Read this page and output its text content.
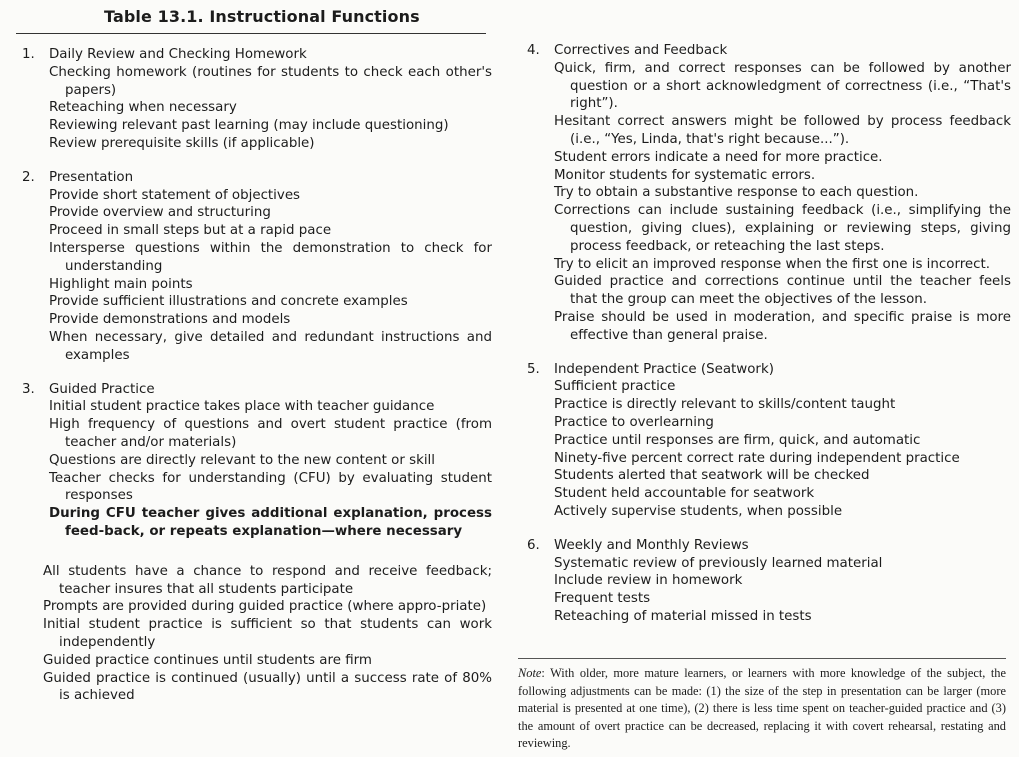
Table 13.1. Instructional Functions
1. Daily Review and Checking Homework
Checking homework (routines for students to check each other's papers)
Reteaching when necessary
Reviewing relevant past learning (may include questioning)
Review prerequisite skills (if applicable)
2. Presentation
Provide short statement of objectives
Provide overview and structuring
Proceed in small steps but at a rapid pace
Intersperse questions within the demonstration to check for understanding
Highlight main points
Provide sufficient illustrations and concrete examples
Provide demonstrations and models
When necessary, give detailed and redundant instructions and examples
3. Guided Practice
Initial student practice takes place with teacher guidance
High frequency of questions and overt student practice (from teacher and/or materials)
Questions are directly relevant to the new content or skill
Teacher checks for understanding (CFU) by evaluating student responses
During CFU teacher gives additional explanation, process feed-back, or repeats explanation—where necessary
All students have a chance to respond and receive feedback; teacher insures that all students participate
Prompts are provided during guided practice (where appro-priate)
Initial student practice is sufficient so that students can work independently
Guided practice continues until students are firm
Guided practice is continued (usually) until a success rate of 80% is achieved
4. Correctives and Feedback
Quick, firm, and correct responses can be followed by another question or a short acknowledgment of correctness (i.e., “That's right”).
Hesitant correct answers might be followed by process feedback (i.e., “Yes, Linda, that's right because...”).
Student errors indicate a need for more practice.
Monitor students for systematic errors.
Try to obtain a substantive response to each question.
Corrections can include sustaining feedback (i.e., simplifying the question, giving clues), explaining or reviewing steps, giving process feedback, or reteaching the last steps.
Try to elicit an improved response when the first one is incorrect.
Guided practice and corrections continue until the teacher feels that the group can meet the objectives of the lesson.
Praise should be used in moderation, and specific praise is more effective than general praise.
5. Independent Practice (Seatwork)
Sufficient practice
Practice is directly relevant to skills/content taught
Practice to overlearning
Practice until responses are firm, quick, and automatic
Ninety-five percent correct rate during independent practice
Students alerted that seatwork will be checked
Student held accountable for seatwork
Actively supervise students, when possible
6. Weekly and Monthly Reviews
Systematic review of previously learned material
Include review in homework
Frequent tests
Reteaching of material missed in tests
Note: With older, more mature learners, or learners with more knowledge of the subject, the following adjustments can be made: (1) the size of the step in presentation can be larger (more material is presented at one time), (2) there is less time spent on teacher-guided practice and (3) the amount of overt practice can be decreased, replacing it with covert rehearsal, restating and reviewing.
